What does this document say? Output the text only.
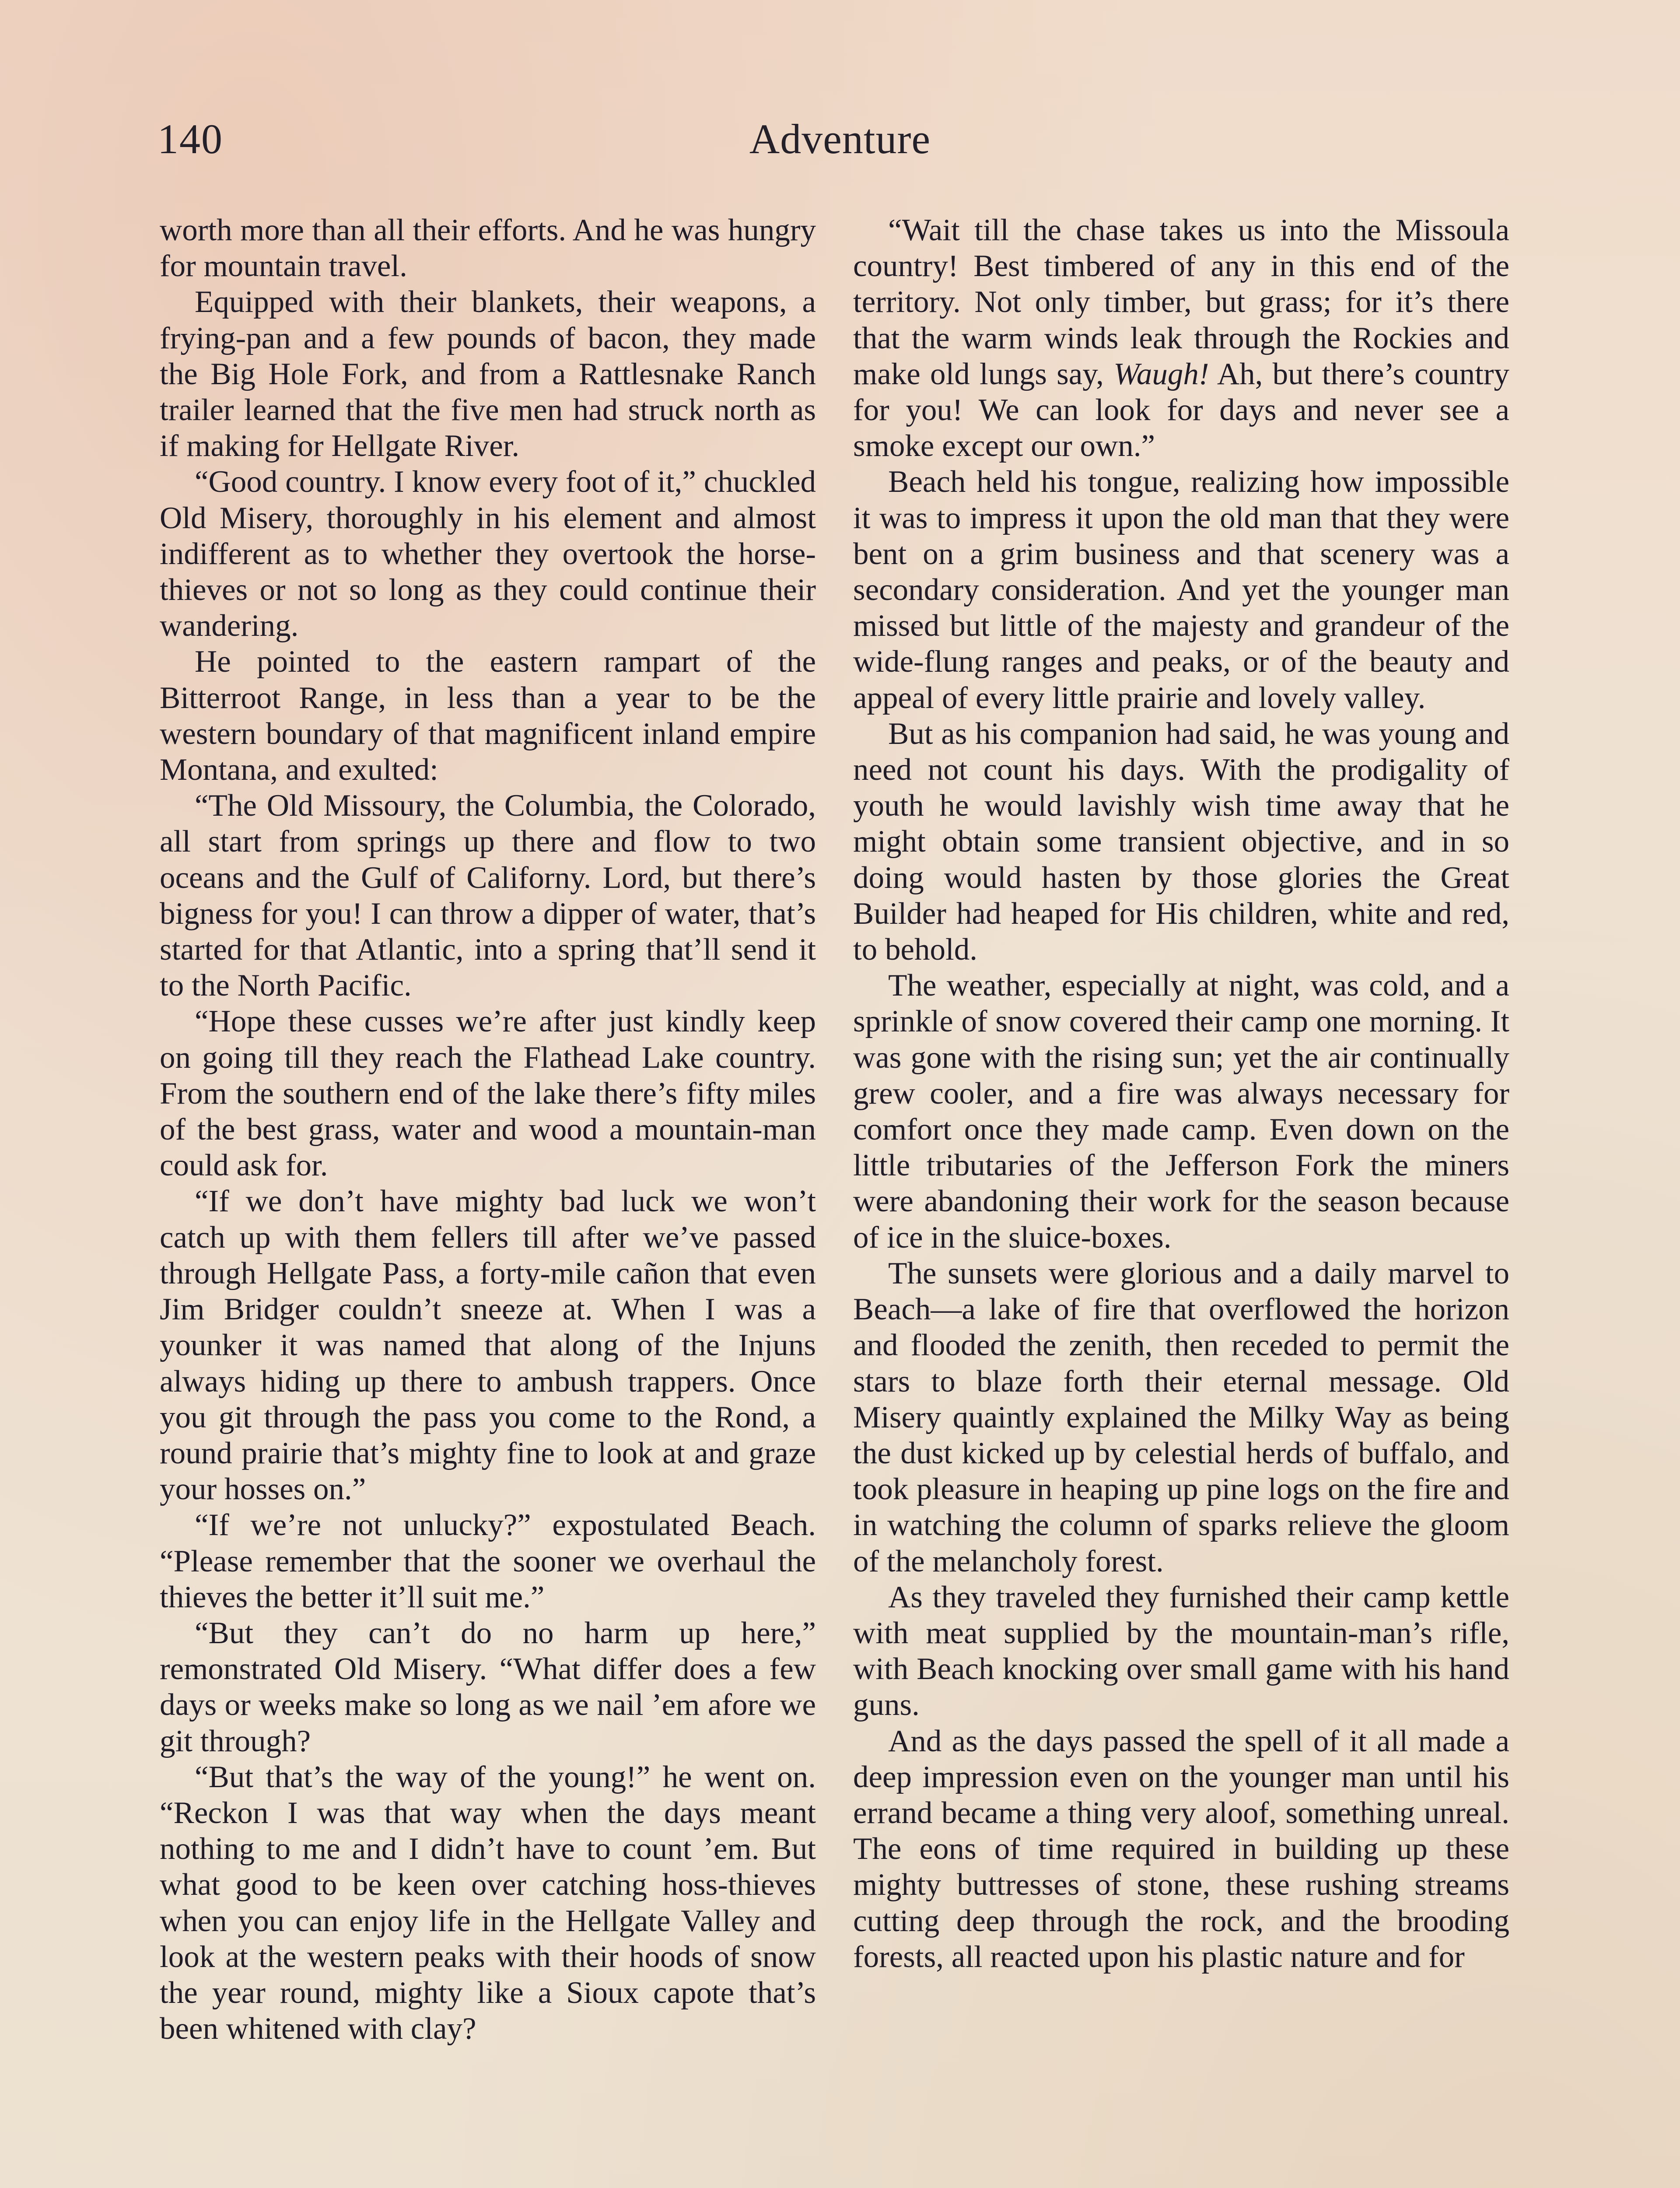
140	Adventure

worth more than all their efforts. And he was hungry for mountain travel.

Equipped with their blankets, their weapons, a frying-pan and a few pounds of bacon, they made the Big Hole Fork, and from a Rattlesnake Ranch trailer learned that the five men had struck north as if making for Hellgate River.

“Good country. I know every foot of it,” chuckled Old Misery, thoroughly in his element and almost indifferent as to whether they overtook the horse-thieves or not so long as they could continue their wandering.

He pointed to the eastern rampart of the Bitterroot Range, in less than a year to be the western boundary of that magnificent inland empire Montana, and exulted:

“The Old Missoury, the Columbia, the Colorado, all start from springs up there and flow to two oceans and the Gulf of Californy. Lord, but there’s bigness for you! I can throw a dipper of water, that’s started for that Atlantic, into a spring that’ll send it to the North Pacific.

“Hope these cusses we’re after just kindly keep on going till they reach the Flathead Lake country. From the southern end of the lake there’s fifty miles of the best grass, water and wood a mountain-man could ask for.

“If we don’t have mighty bad luck we won’t catch up with them fellers till after we’ve passed through Hellgate Pass, a forty-mile cañon that even Jim Bridger couldn’t sneeze at. When I was a younker it was named that along of the Injuns always hiding up there to ambush trappers. Once you git through the pass you come to the Rond, a round prairie that’s mighty fine to look at and graze your hosses on.”

“If we’re not unlucky?” expostulated Beach. “Please remember that the sooner we overhaul the thieves the better it’ll suit me.”

“But they can’t do no harm up here,” remonstrated Old Misery. “What differ does a few days or weeks make so long as we nail ’em afore we git through?

“But that’s the way of the young!” he went on. “Reckon I was that way when the days meant nothing to me and I didn’t have to count ’em. But what good to be keen over catching hoss-thieves when you can enjoy life in the Hellgate Valley and look at the western peaks with their hoods of snow the year round, mighty like a Sioux capote that’s been whitened with clay?

“Wait till the chase takes us into the Missoula country! Best timbered of any in this end of the territory. Not only timber, but grass; for it’s there that the warm winds leak through the Rockies and make old lungs say, Waugh! Ah, but there’s country for you! We can look for days and never see a smoke except our own.”

Beach held his tongue, realizing how impossible it was to impress it upon the old man that they were bent on a grim business and that scenery was a secondary consideration. And yet the younger man missed but little of the majesty and grandeur of the wide-flung ranges and peaks, or of the beauty and appeal of every little prairie and lovely valley.

But as his companion had said, he was young and need not count his days. With the prodigality of youth he would lavishly wish time away that he might obtain some transient objective, and in so doing would hasten by those glories the Great Builder had heaped for His children, white and red, to behold.

The weather, especially at night, was cold, and a sprinkle of snow covered their camp one morning. It was gone with the rising sun; yet the air continually grew cooler, and a fire was always necessary for comfort once they made camp. Even down on the little tributaries of the Jefferson Fork the miners were abandoning their work for the season because of ice in the sluice-boxes.

The sunsets were glorious and a daily marvel to Beach—a lake of fire that overflowed the horizon and flooded the zenith, then receded to permit the stars to blaze forth their eternal message. Old Misery quaintly explained the Milky Way as being the dust kicked up by celestial herds of buffalo, and took pleasure in heaping up pine logs on the fire and in watching the column of sparks relieve the gloom of the melancholy forest.

As they traveled they furnished their camp kettle with meat supplied by the mountain-man’s rifle, with Beach knocking over small game with his hand guns.

And as the days passed the spell of it all made a deep impression even on the younger man until his errand became a thing very aloof, something unreal. The eons of time required in building up these mighty buttresses of stone, these rushing streams cutting deep through the rock, and the brooding forests, all reacted upon his plastic nature and for
